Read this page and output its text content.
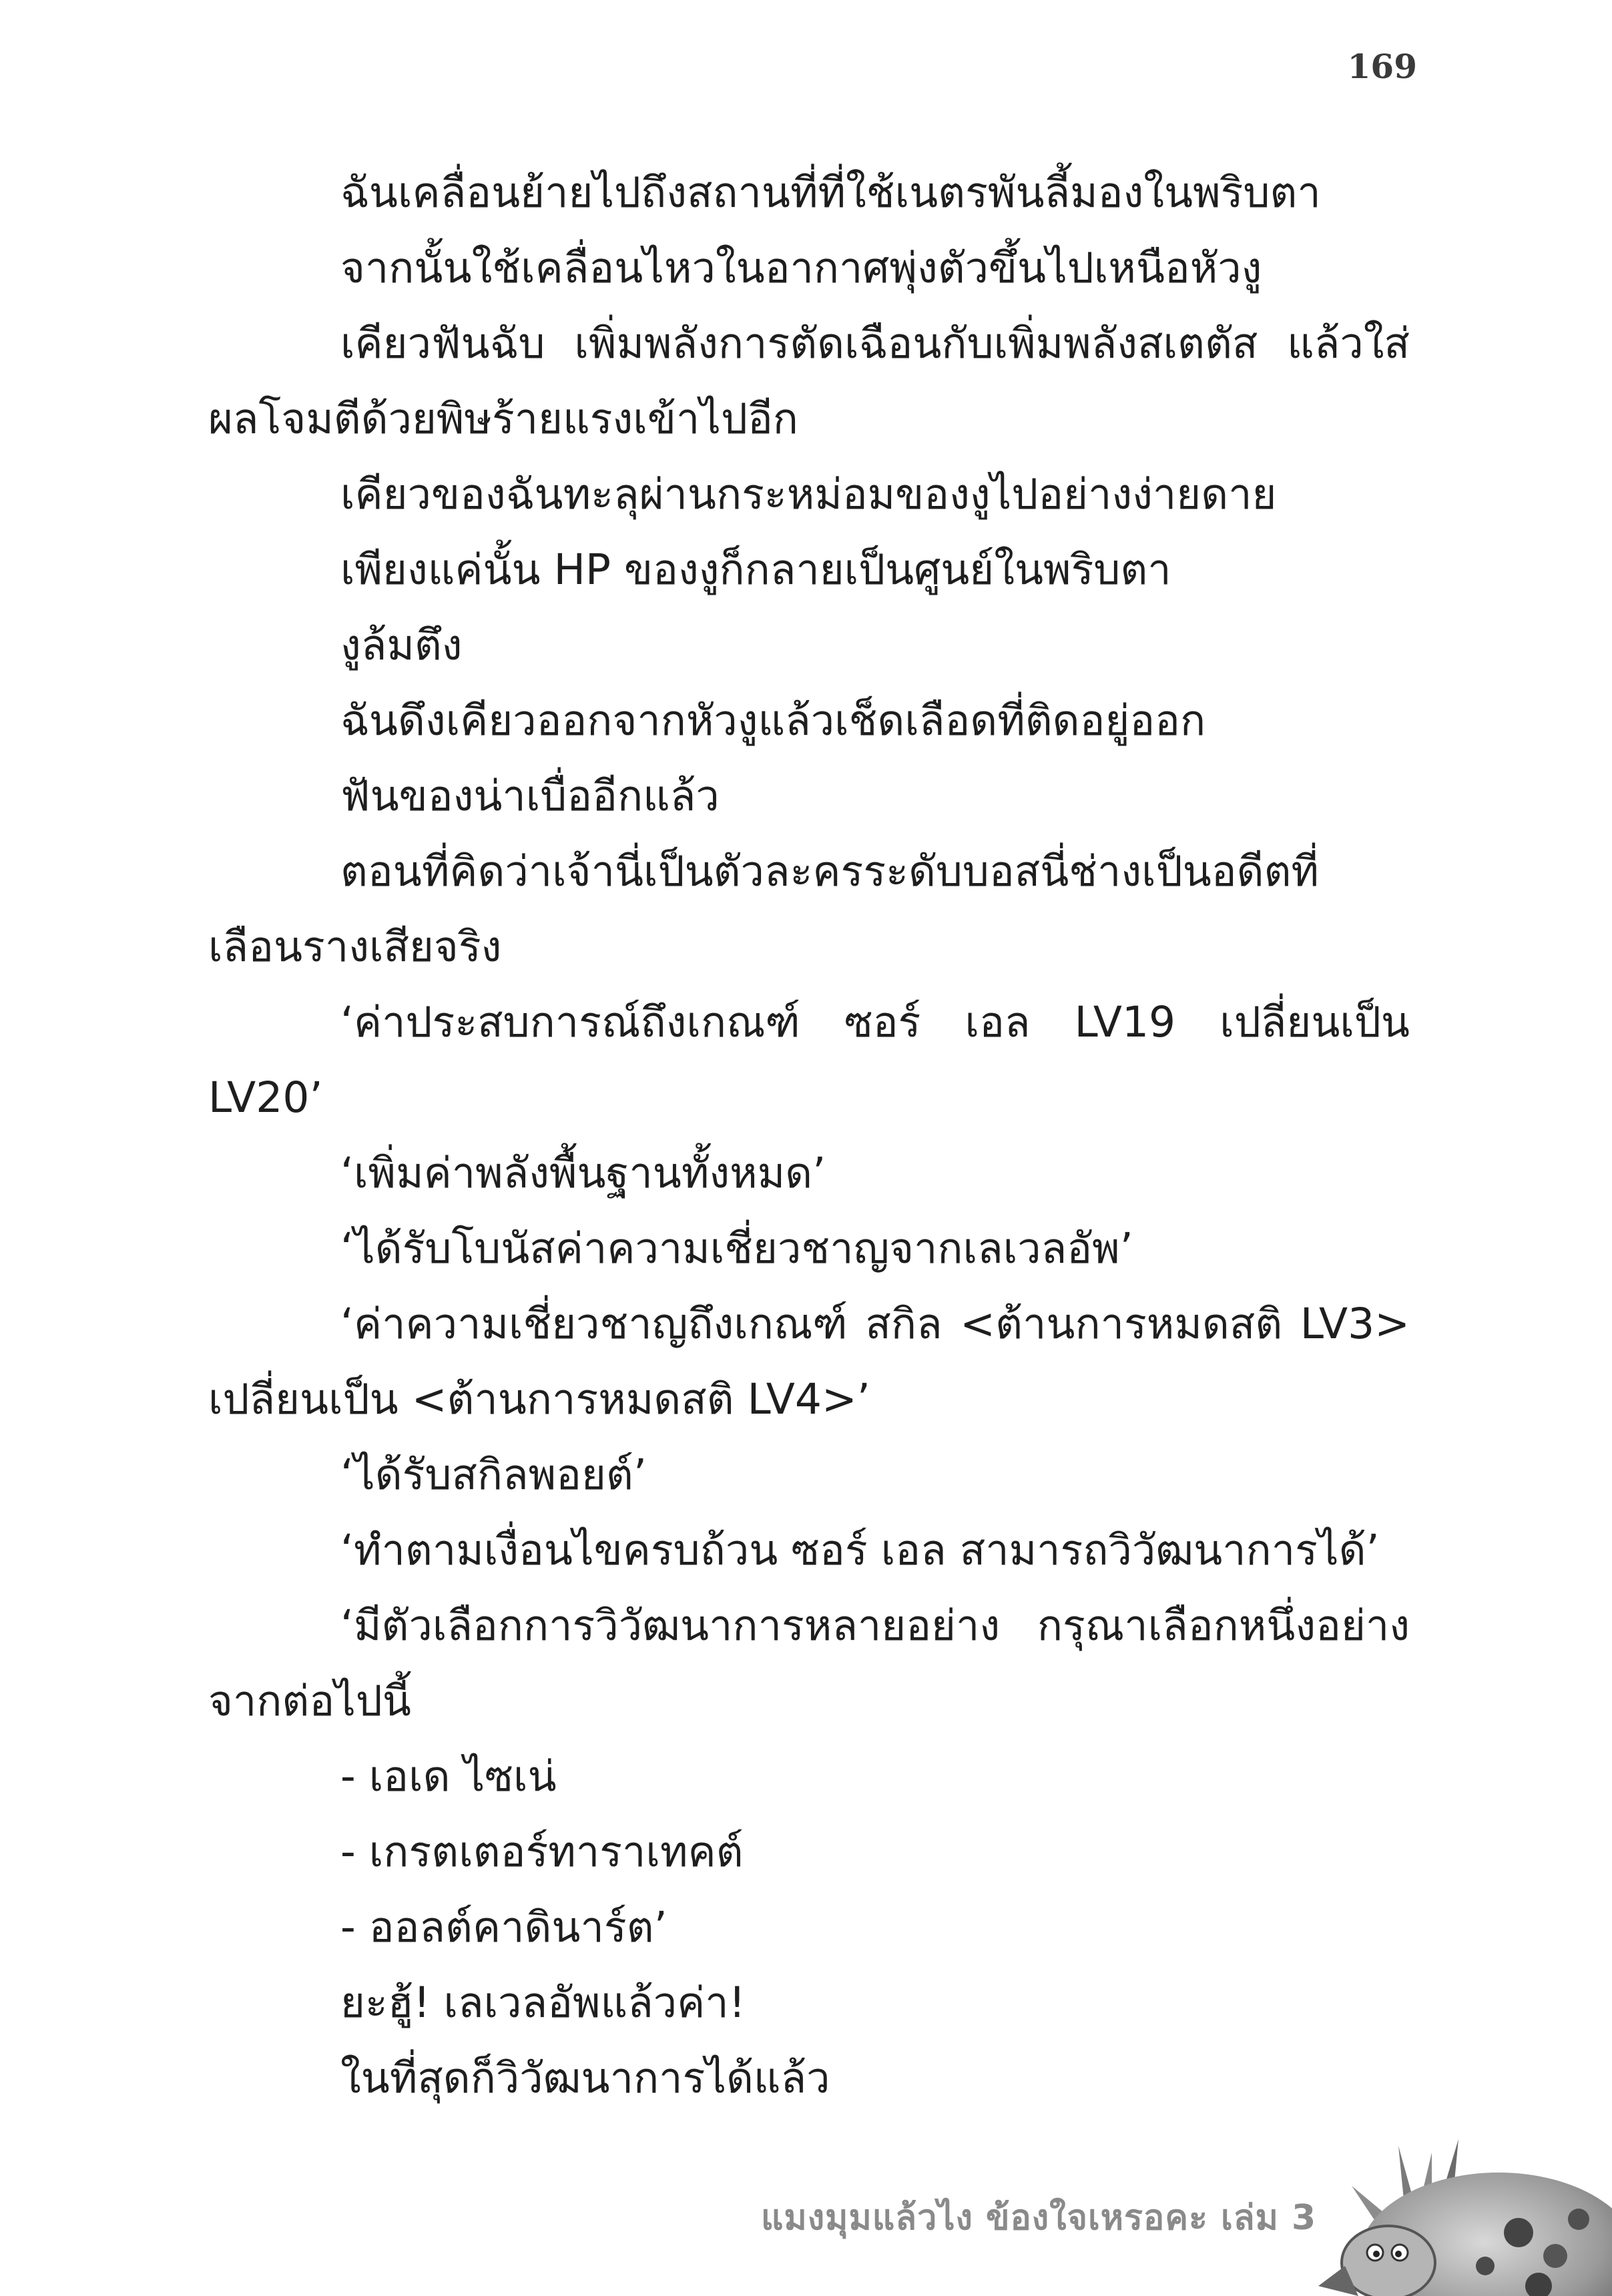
169

ฉันเคลื่อนย้ายไปถึงสถานที่ที่ใช้เนตรพันลี้มองในพริบตา

จากนั้นใช้เคลื่อนไหวในอากาศพุ่งตัวขึ้นไปเหนือหัวงู

เคียวฟันฉับ เพิ่มพลังการตัดเฉือนกับเพิ่มพลังสเตตัส แล้วใส่ผลโจมตีด้วยพิษร้ายแรงเข้าไปอีก

เคียวของฉันทะลุผ่านกระหม่อมของงูไปอย่างง่ายดาย

เพียงแค่นั้น HP ของงูก็กลายเป็นศูนย์ในพริบตา

งูล้มตึง

ฉันดึงเคียวออกจากหัวงูแล้วเช็ดเลือดที่ติดอยู่ออก

ฟันของน่าเบื่ออีกแล้ว

ตอนที่คิดว่าเจ้านี่เป็นตัวละครระดับบอสนี่ช่างเป็นอดีตที่เลือนรางเสียจริง

‘ค่าประสบการณ์ถึงเกณฑ์ ซอร์ เอล LV19 เปลี่ยนเป็น LV20’

‘เพิ่มค่าพลังพื้นฐานทั้งหมด’

‘ได้รับโบนัสค่าความเชี่ยวชาญจากเลเวลอัพ’

‘ค่าความเชี่ยวชาญถึงเกณฑ์ สกิล <ต้านการหมดสติ LV3> เปลี่ยนเป็น <ต้านการหมดสติ LV4>’

‘ได้รับสกิลพอยต์’

‘ทำตามเงื่อนไขครบถ้วน ซอร์ เอล สามารถวิวัฒนาการได้’

‘มีตัวเลือกการวิวัฒนาการหลายอย่าง กรุณาเลือกหนึ่งอย่างจากต่อไปนี้

- เอเด ไซเน่

- เกรตเตอร์ทาราเทคต์

- ออลต์คาดินาร์ต’

ยะฮู้! เลเวลอัพแล้วค่า!

ในที่สุดก็วิวัฒนาการได้แล้ว

แมงมุมแล้วไง ข้องใจเหรอคะ เล่ม 3
